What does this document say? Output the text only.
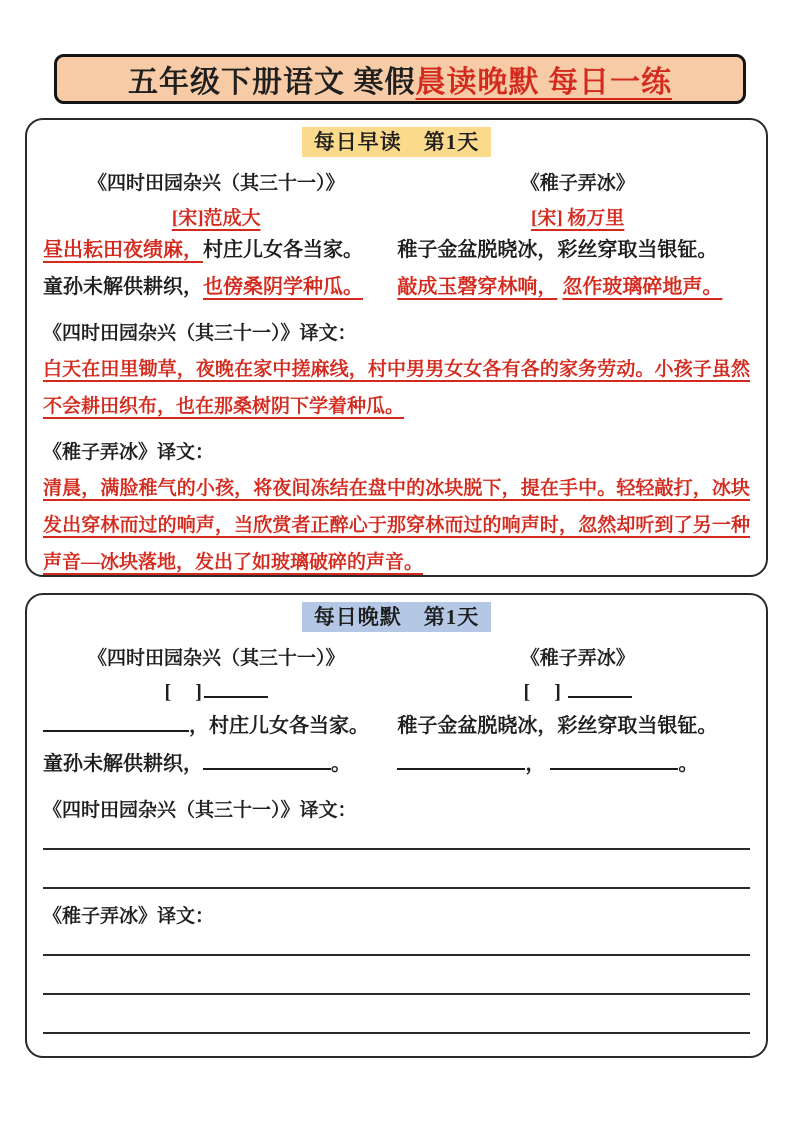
五年级下册语文 寒假 晨读晚默 每日一练
每日早读　第1天
《四时田园杂兴（其三十一）》
[宋]范成大
昼出耘田夜绩麻，村庄儿女各当家。
童孙未解供耕织，也傍桑阴学种瓜。
《稚子弄冰》
[宋] 杨万里
稚子金盆脱晓冰，彩丝穿取当银钲。
敲成玉磬穿林响， 忽作玻璃碎地声。
《四时田园杂兴（其三十一）》译文：
白天在田里锄草，夜晚在家中搓麻线，村中男男女女各有各的家务劳动。小孩子虽然不会耕田织布，也在那桑树阴下学着种瓜。
《稚子弄冰》译文：
清晨，满脸稚气的小孩，将夜间冻结在盘中的冰块脱下，提在手中。轻轻敲打，冰块发出穿林而过的响声，当欣赏者正醉心于那穿林而过的响声时，忽然却听到了另一种声音—冰块落地，发出了如玻璃破碎的声音。
每日晚默　第1天
《四时田园杂兴（其三十一）》
[　]
，村庄儿女各当家。
童孙未解供耕织，	。
《稚子弄冰》
[　]
稚子金盆脱晓冰，彩丝穿取当银钲。
，	。
《四时田园杂兴（其三十一）》译文：
《稚子弄冰》译文：
